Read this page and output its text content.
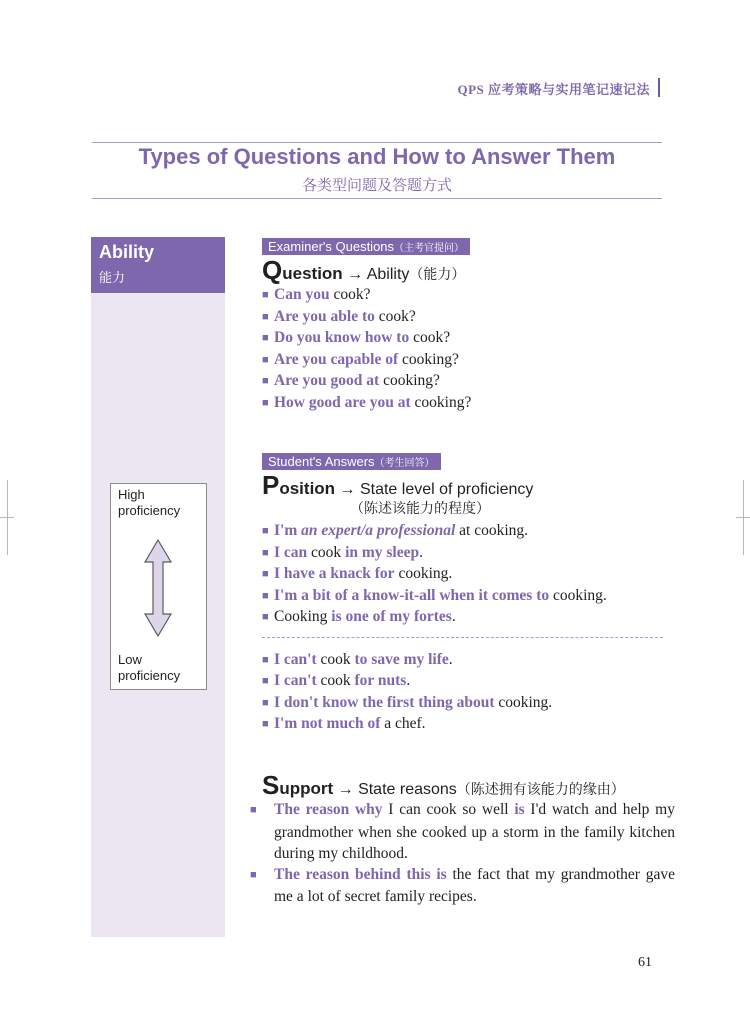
QPS 应考策略与实用笔记速记法
Types of Questions and How to Answer Them
各类型问题及答题方式
Ability
能力
High
proficiency
Low
proficiency
Examiner's Questions（主考官提问）
Question → Ability（能力）
■ Can you cook?
■ Are you able to cook?
■ Do you know how to cook?
■ Are you capable of cooking?
■ Are you good at cooking?
■ How good are you at cooking?
Student's Answers（考生回答）
Position → State level of proficiency
（陈述该能力的程度）
■ I'm an expert/a professional at cooking.
■ I can cook in my sleep.
■ I have a knack for cooking.
■ I'm a bit of a know-it-all when it comes to cooking.
■ Cooking is one of my fortes.
■ I can't cook to save my life.
■ I can't cook for nuts.
■ I don't know the first thing about cooking.
■ I'm not much of a chef.
Support → State reasons（陈述拥有该能力的缘由）
■ The reason why I can cook so well is I'd watch and help my grandmother when she cooked up a storm in the family kitchen during my childhood.
■ The reason behind this is the fact that my grandmother gave me a lot of secret family recipes.
61
